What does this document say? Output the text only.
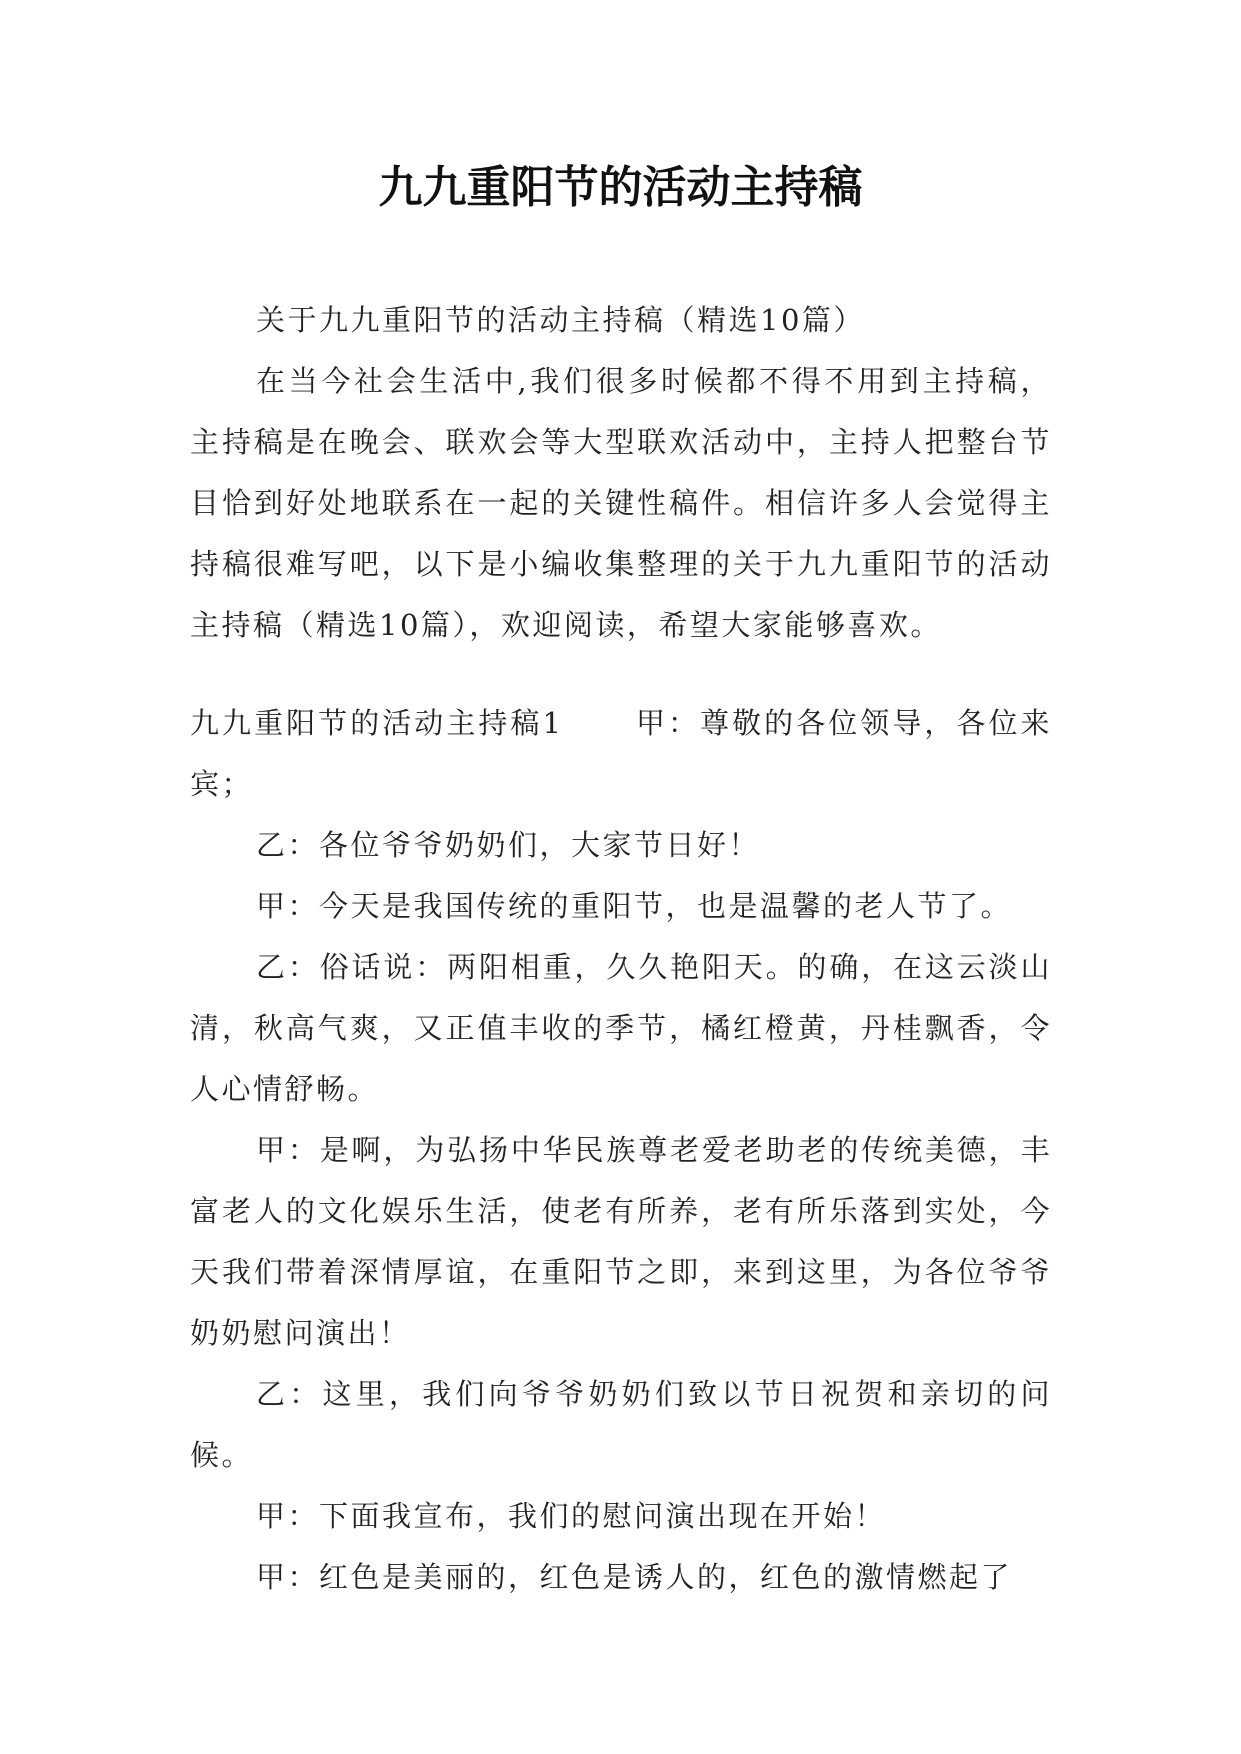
九九重阳节的活动主持稿

关于九九重阳节的活动主持稿（精选10篇）

在当今社会生活中,我们很多时候都不得不用到主持稿，主持稿是在晚会、联欢会等大型联欢活动中，主持人把整台节目恰到好处地联系在一起的关键性稿件。相信许多人会觉得主持稿很难写吧，以下是小编收集整理的关于九九重阳节的活动主持稿（精选10篇），欢迎阅读，希望大家能够喜欢。

九九重阳节的活动主持稿1 甲：尊敬的各位领导，各位来宾；

乙：各位爷爷奶奶们，大家节日好！

甲：今天是我国传统的重阳节，也是温馨的老人节了。

乙：俗话说：两阳相重，久久艳阳天。的确，在这云淡山清，秋高气爽，又正值丰收的季节，橘红橙黄，丹桂飘香，令人心情舒畅。

甲：是啊，为弘扬中华民族尊老爱老助老的传统美德，丰富老人的文化娱乐生活，使老有所养，老有所乐落到实处，今天我们带着深情厚谊，在重阳节之即，来到这里，为各位爷爷奶奶慰问演出！

乙：这里，我们向爷爷奶奶们致以节日祝贺和亲切的问候。

甲：下面我宣布，我们的慰问演出现在开始！

甲：红色是美丽的，红色是诱人的，红色的激情燃起了
